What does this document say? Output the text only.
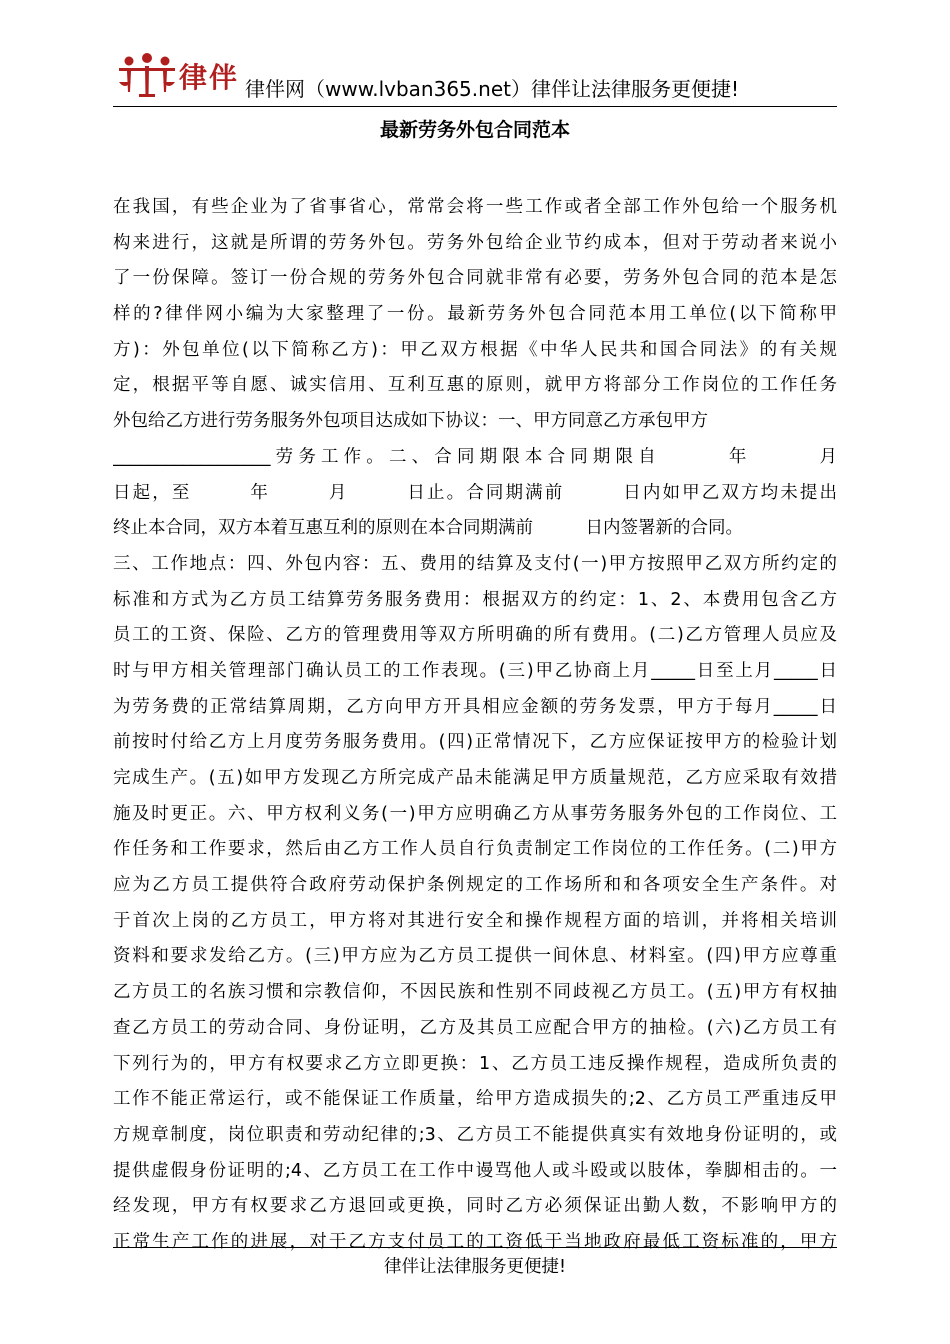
律伴 律伴网（www.lvban365.net）律伴让法律服务更便捷!
最新劳务外包合同范本
在我国，有些企业为了省事省心，常常会将一些工作或者全部工作外包给一个服务机
构来进行，这就是所谓的劳务外包。劳务外包给企业节约成本，但对于劳动者来说小
了一份保障。签订一份合规的劳务外包合同就非常有必要，劳务外包合同的范本是怎
样的?律伴网小编为大家整理了一份。最新劳务外包合同范本用工单位(以下简称甲
方)：外包单位(以下简称乙方)：甲乙双方根据《中华人民共和国合同法》的有关规
定，根据平等自愿、诚实信用、互利互惠的原则，就甲方将部分工作岗位的工作任务
外包给乙方进行劳务服务外包项目达成如下协议：一、甲方同意乙方承包甲方
__________________劳务工作。二、合同期限本合同期限自　　　年　　　月
日起，至　　　年　　　月　　　日止。合同期满前　　　日内如甲乙双方均未提出
终止本合同，双方本着互惠互利的原则在本合同期满前　　　日内签署新的合同。
三、工作地点：四、外包内容：五、费用的结算及支付(一)甲方按照甲乙双方所约定的
标准和方式为乙方员工结算劳务服务费用：根据双方的约定：1、2、本费用包含乙方
员工的工资、保险、乙方的管理费用等双方所明确的所有费用。(二)乙方管理人员应及
时与甲方相关管理部门确认员工的工作表现。(三)甲乙协商上月_____日至上月_____日
为劳务费的正常结算周期，乙方向甲方开具相应金额的劳务发票，甲方于每月_____日
前按时付给乙方上月度劳务服务费用。(四)正常情况下，乙方应保证按甲方的检验计划
完成生产。(五)如甲方发现乙方所完成产品未能满足甲方质量规范，乙方应采取有效措
施及时更正。六、甲方权利义务(一)甲方应明确乙方从事劳务服务外包的工作岗位、工
作任务和工作要求，然后由乙方工作人员自行负责制定工作岗位的工作任务。(二)甲方
应为乙方员工提供符合政府劳动保护条例规定的工作场所和和各项安全生产条件。对
于首次上岗的乙方员工，甲方将对其进行安全和操作规程方面的培训，并将相关培训
资料和要求发给乙方。(三)甲方应为乙方员工提供一间休息、材料室。(四)甲方应尊重
乙方员工的名族习惯和宗教信仰，不因民族和性别不同歧视乙方员工。(五)甲方有权抽
查乙方员工的劳动合同、身份证明，乙方及其员工应配合甲方的抽检。(六)乙方员工有
下列行为的，甲方有权要求乙方立即更换：1、乙方员工违反操作规程，造成所负责的
工作不能正常运行，或不能保证工作质量，给甲方造成损失的;2、乙方员工严重违反甲
方规章制度，岗位职责和劳动纪律的;3、乙方员工不能提供真实有效地身份证明的，或
提供虚假身份证明的;4、乙方员工在工作中谩骂他人或斗殴或以肢体，拳脚相击的。一
经发现，甲方有权要求乙方退回或更换，同时乙方必须保证出勤人数，不影响甲方的
正常生产工作的进展，对于乙方支付员工的工资低于当地政府最低工资标准的，甲方
律伴让法律服务更便捷!
